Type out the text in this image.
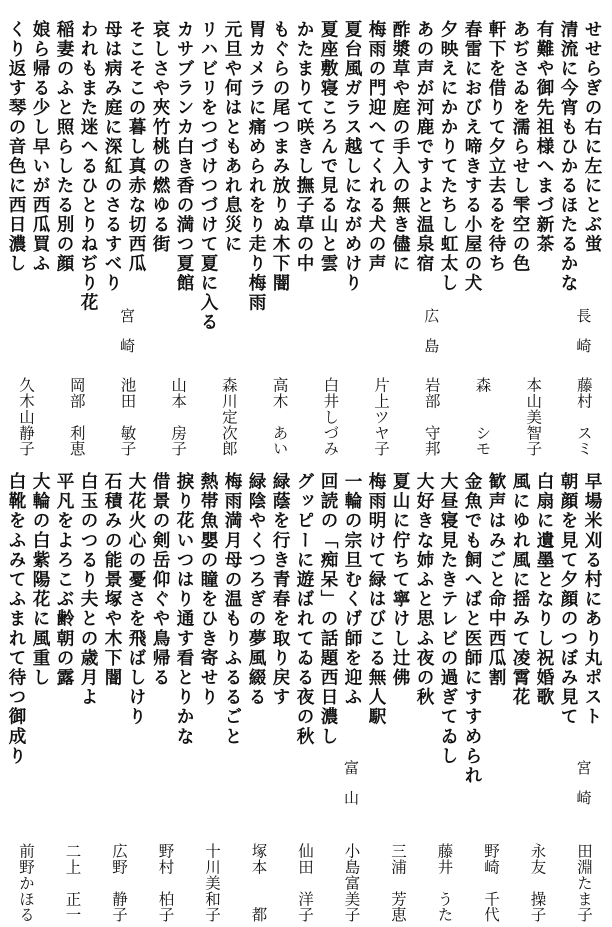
せせらぎの右に左にとぶ蛍
清流に今宵もひかるほたるかな
有難や御先祖様へまづ新茶
あぢさゐを濡らせし雫空の色
軒下を借りて夕立去るを待ち
春雷におびえ啼きする小屋の犬
夕映えにかかりてたちし虹太し
あの声が河鹿ですよと温泉宿
酢漿草や庭の手入の無き儘に
梅雨の門迎へてくれる犬の声
夏台風ガラス越しにながめけり
夏座敷寝ころんで見る山と雲
かたまりて咲きし撫子草の中
もぐらの尾つまみ放りぬ木下闇
胃カメラに痛められをり走り梅雨
元旦や何はともあれ息災に
リハビリをつづけつづけて夏に入る
カサブランカ白き香の満つ夏館
哀しさや夾竹桃の燃ゆる街
そこそこの暮し真赤な切西瓜
母は病み庭に深紅のさるすべり
われもまた迷へるひとりねぢり花
稲妻のふと照らしたる別の顔
娘ら帰る少し早いが西瓜買ふ
くり返す琴の音色に西日濃し
長崎
藤村　スミ
本山美智子
森　　シモ
広島
岩部　守邦
片上ツヤ子
白井しづみ
高木　あい
森川定次郎
山本　房子
宮崎
池田　敏子
岡部　利恵
久木山静子
早場米刈る村にあり丸ポスト
朝顔を見て夕顔のつぼみ見て
白扇に遺墨となりし祝婚歌
風にゆれ風に揺みて凌霄花
歓声はみごと命中西瓜割
金魚でも飼へばと医師にすすめられ
大昼寝見たきテレビの過ぎてゐし
大好きな姉ふと思ふ夜の秋
夏山に佇ちて寧けし辻佛
梅雨明けて緑はびこる無人駅
一輪の宗旦むくげ師を迎ふ
回読の「痴呆」の話題西日濃し
グッピーに遊ばれてゐる夜の秋
緑蔭を行き青春を取り戻す
緑陰やくつろぎの夢風綴る
梅雨満月母の温もりふるるごと
熱帯魚嬰の瞳をひき寄せり
捩り花いつはり通す看とりかな
借景の剣岳仰ぐや鳥帰る
大花火心の憂さを飛ばしけり
石積みの能景塚や木下闇
白玉のつるり夫との歳月よ
平凡をよろこぶ齢朝の露
大輪の白紫陽花に風重し
白靴をふみてふまれて待つ御成り
宮崎
田淵たま子
永友　操子
野崎　千代
藤井　うた
三浦　芳恵
富山
小島富美子
仙田　洋子
塚本　　都
十川美和子
野村　柏子
広野　静子
二上　正一
前野かほる
